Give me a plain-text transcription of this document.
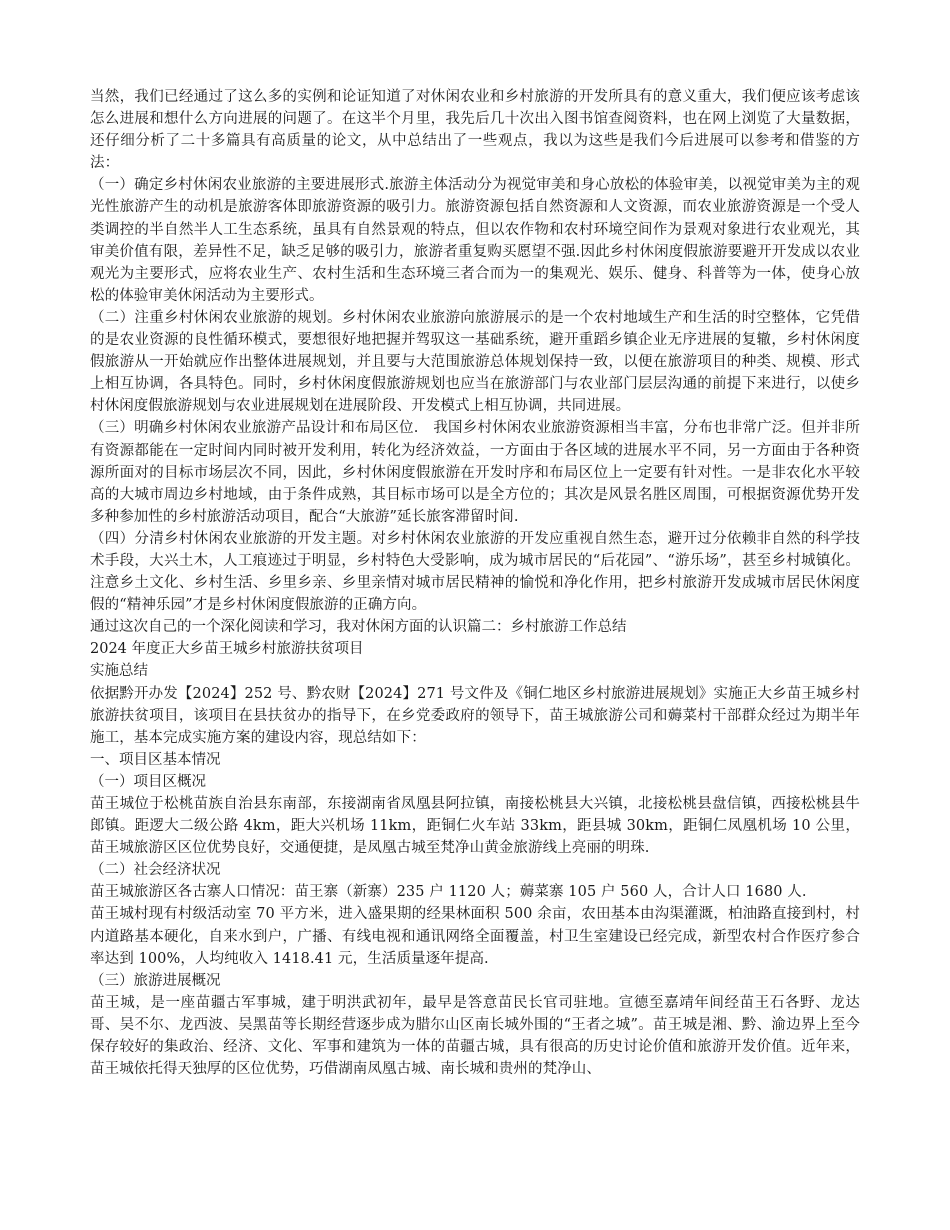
当然，我们已经通过了这么多的实例和论证知道了对休闲农业和乡村旅游的开发所具有的意义重大，我们便应该考虑该怎么进展和想什么方向进展的问题了。在这半个月里，我先后几十次出入图书馆查阅资料，也在网上浏览了大量数据，还仔细分析了二十多篇具有高质量的论文，从中总结出了一些观点，我以为这些是我们今后进展可以参考和借鉴的方法：

（一）确定乡村休闲农业旅游的主要进展形式.旅游主体活动分为视觉审美和身心放松的体验审美，以视觉审美为主的观光性旅游产生的动机是旅游客体即旅游资源的吸引力。旅游资源包括自然资源和人文资源，而农业旅游资源是一个受人类调控的半自然半人工生态系统，虽具有自然景观的特点，但以农作物和农村环境空间作为景观对象进行农业观光，其审美价值有限，差异性不足，缺乏足够的吸引力，旅游者重复购买愿望不强.因此乡村休闲度假旅游要避开开发成以农业观光为主要形式，应将农业生产、农村生活和生态环境三者合而为一的集观光、娱乐、健身、科普等为一体，使身心放松的体验审美休闲活动为主要形式。

（二）注重乡村休闲农业旅游的规划。乡村休闲农业旅游向旅游展示的是一个农村地域生产和生活的时空整体，它凭借的是农业资源的良性循环模式，要想很好地把握并驾驭这一基础系统，避开重蹈乡镇企业无序进展的复辙，乡村休闲度假旅游从一开始就应作出整体进展规划，并且要与大范围旅游总体规划保持一致，以便在旅游项目的种类、规模、形式上相互协调，各具特色。同时，乡村休闲度假旅游规划也应当在旅游部门与农业部门层层沟通的前提下来进行，以使乡村休闲度假旅游规划与农业进展规划在进展阶段、开发模式上相互协调，共同进展。

（三）明确乡村休闲农业旅游产品设计和布局区位.　我国乡村休闲农业旅游资源相当丰富，分布也非常广泛。但并非所有资源都能在一定时间内同时被开发利用，转化为经济效益，一方面由于各区域的进展水平不同，另一方面由于各种资源所面对的目标市场层次不同，因此，乡村休闲度假旅游在开发时序和布局区位上一定要有针对性。一是非农化水平较高的大城市周边乡村地域，由于条件成熟，其目标市场可以是全方位的；其次是风景名胜区周围，可根据资源优势开发多种参加性的乡村旅游活动项目，配合“大旅游”延长旅客滞留时间.

（四）分清乡村休闲农业旅游的开发主题。对乡村休闲农业旅游的开发应重视自然生态，避开过分依赖非自然的科学技术手段，大兴土木，人工痕迹过于明显，乡村特色大受影响，成为城市居民的“后花园”、“游乐场”，甚至乡村城镇化。注意乡土文化、乡村生活、乡里乡亲、乡里亲情对城市居民精神的愉悦和净化作用，把乡村旅游开发成城市居民休闲度假的“精神乐园”才是乡村休闲度假旅游的正确方向。

通过这次自己的一个深化阅读和学习，我对休闲方面的认识篇二：乡村旅游工作总结

2024 年度正大乡苗王城乡村旅游扶贫项目

实施总结

依据黔开办发【2024】252 号、黔农财【2024】271 号文件及《铜仁地区乡村旅游进展规划》实施正大乡苗王城乡村旅游扶贫项目，该项目在县扶贫办的指导下，在乡党委政府的领导下，苗王城旅游公司和薅菜村干部群众经过为期半年施工，基本完成实施方案的建设内容，现总结如下：

一、项目区基本情况

（一）项目区概况

苗王城位于松桃苗族自治县东南部，东接湖南省凤凰县阿拉镇，南接松桃县大兴镇，北接松桃县盘信镇，西接松桃县牛郎镇。距逻大二级公路 4km，距大兴机场 11km，距铜仁火车站 33km，距县城 30km，距铜仁凤凰机场 10 公里，苗王城旅游区区位优势良好，交通便捷，是凤凰古城至梵净山黄金旅游线上亮丽的明珠.

（二）社会经济状况

苗王城旅游区各古寨人口情况：苗王寨（新寨）235 户 1120 人；薅菜寨 105 户 560 人，合计人口 1680 人.

苗王城村现有村级活动室 70 平方米，进入盛果期的经果林面积 500 余亩，农田基本由沟渠灌溉，柏油路直接到村，村内道路基本硬化，自来水到户，广播、有线电视和通讯网络全面覆盖，村卫生室建设已经完成，新型农村合作医疗参合率达到 100%，人均纯收入 1418.41 元，生活质量逐年提高.

（三）旅游进展概况

苗王城，是一座苗疆古军事城，建于明洪武初年，最早是答意苗民长官司驻地。宣德至嘉靖年间经苗王石各野、龙达哥、吴不尔、龙西波、吴黑苗等长期经营逐步成为腊尔山区南长城外围的“王者之城”。苗王城是湘、黔、渝边界上至今保存较好的集政治、经济、文化、军事和建筑为一体的苗疆古城，具有很高的历史讨论价值和旅游开发价值。近年来，苗王城依托得天独厚的区位优势，巧借湖南凤凰古城、南长城和贵州的梵净山、
